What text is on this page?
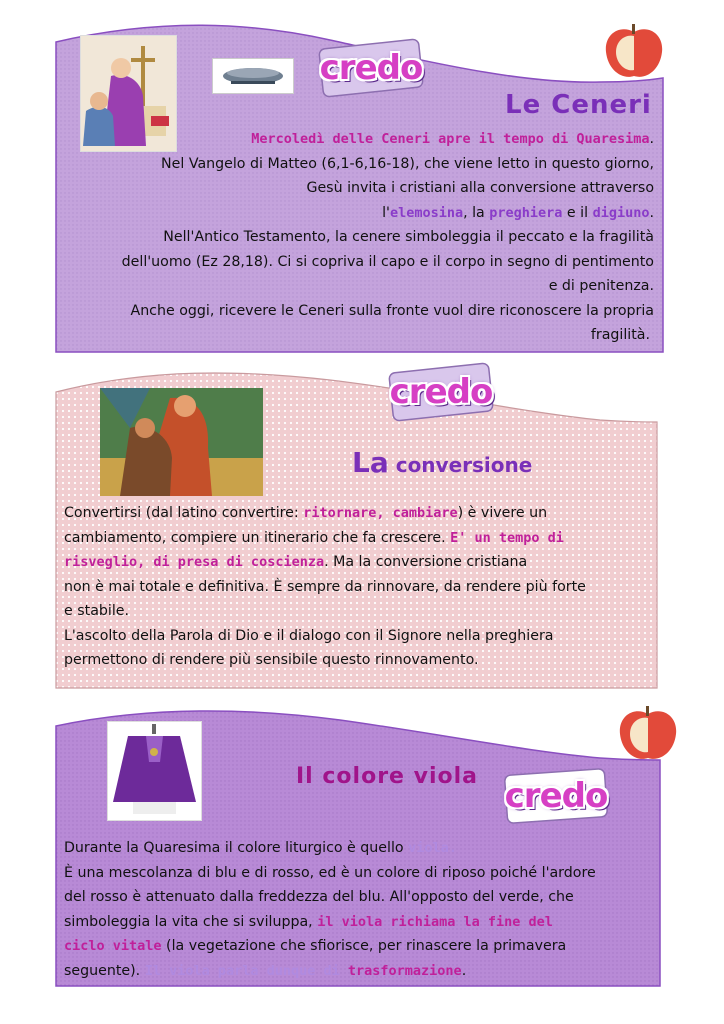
credo
Le Ceneri
Mercoledì delle Ceneri apre il tempo di Quaresima.
Nel Vangelo di Matteo (6,1-6,16-18), che viene letto in questo giorno,
Gesù invita i cristiani alla conversione attraverso
l'elemosina, la preghiera e il digiuno.
Nell'Antico Testamento, la cenere simboleggia il peccato e la fragilità
dell'uomo (Ez 28,18). Ci si copriva il capo e il corpo in segno di pentimento
e di penitenza.
Anche oggi, ricevere le Ceneri sulla fronte vuol dire riconoscere la propria
fragilità.
credo
La conversione
Convertirsi (dal latino convertire: ritornare, cambiare) è vivere un
cambiamento, compiere un itinerario che fa crescere. E' un tempo di
risveglio, di presa di coscienza. Ma la conversione cristiana
non è mai totale e definitiva. È sempre da rinnovare, da rendere più forte
e stabile.
L'ascolto della Parola di Dio e il dialogo con il Signore nella preghiera
permettono di rendere più sensibile questo rinnovamento.
Il colore viola credo
Durante la Quaresima il colore liturgico è quello viola.
È una mescolanza di blu e di rosso, ed è un colore di riposo poiché l'ardore
del rosso è attenuato dalla freddezza del blu. All'opposto del verde, che
simboleggia la vita che si sviluppa, il viola richiama la fine del
ciclo vitale (la vegetazione che sfiorisce, per rinascere la primavera
seguente). Il viola parla dunque di trasformazione.
